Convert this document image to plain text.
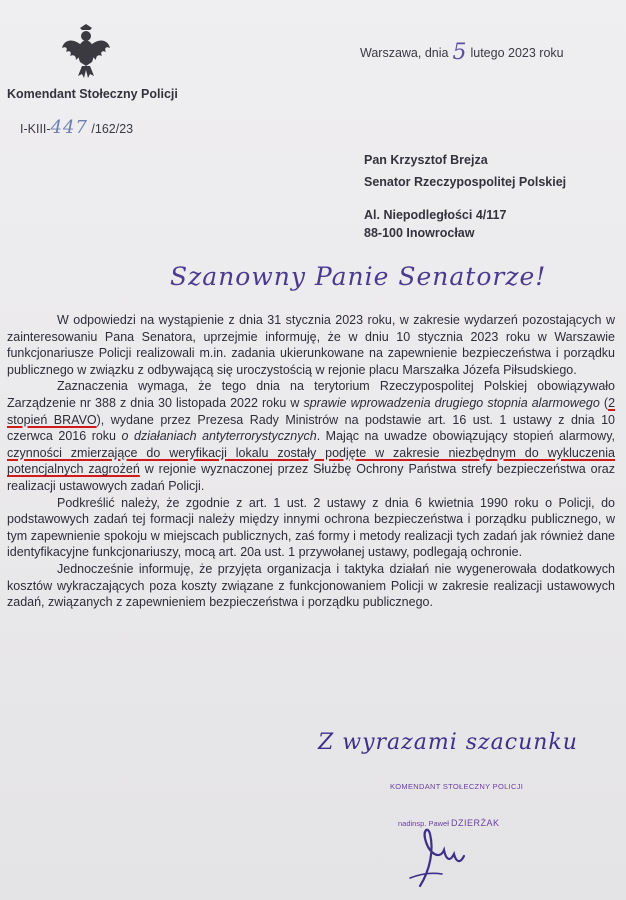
Komendant Stołeczny Policji
I-KIII-447 /162/23
Warszawa, dnia 5 lutego 2023 roku
Pan Krzysztof Brejza
Senator Rzeczypospolitej Polskiej
Al. Niepodległości 4/117
88-100 Inowrocław
Szanowny Panie Senatorze!

W odpowiedzi na wystąpienie z dnia 31 stycznia 2023 roku, w zakresie wydarzeń pozostających w zainteresowaniu Pana Senatora, uprzejmie informuję, że w dniu 10 stycznia 2023 roku w Warszawie funkcjonariusze Policji realizowali m.in. zadania ukierunkowane na zapewnienie bezpieczeństwa i porządku publicznego w związku z odbywającą się uroczystością w rejonie placu Marszałka Józefa Piłsudskiego.

Zaznaczenia wymaga, że tego dnia na terytorium Rzeczypospolitej Polskiej obowiązywało Zarządzenie nr 388 z dnia 30 listopada 2022 roku w sprawie wprowadzenia drugiego stopnia alarmowego (2 stopień BRAVO), wydane przez Prezesa Rady Ministrów na podstawie art. 16 ust. 1 ustawy z dnia 10 czerwca 2016 roku o działaniach antyterrorystycznych. Mając na uwadze obowiązujący stopień alarmowy, czynności zmierzające do weryfikacji lokalu zostały podjęte w zakresie niezbędnym do wykluczenia potencjalnych zagrożeń w rejonie wyznaczonej przez Służbę Ochrony Państwa strefy bezpieczeństwa oraz realizacji ustawowych zadań Policji.

Podkreślić należy, że zgodnie z art. 1 ust. 2 ustawy z dnia 6 kwietnia 1990 roku o Policji, do podstawowych zadań tej formacji należy między innymi ochrona bezpieczeństwa i porządku publicznego, w tym zapewnienie spokoju w miejscach publicznych, zaś formy i metody realizacji tych zadań jak również dane identyfikacyjne funkcjonariuszy, mocą art. 20a ust. 1 przywołanej ustawy, podlegają ochronie.

Jednocześnie informuję, że przyjęta organizacja i taktyka działań nie wygenerowała dodatkowych kosztów wykraczających poza koszty związane z funkcjonowaniem Policji w zakresie realizacji ustawowych zadań, związanych z zapewnieniem bezpieczeństwa i porządku publicznego.

Z wyrazami szacunku
KOMENDANT STOŁECZNY POLICJI
nadinsp. Paweł DZIERŻAK
